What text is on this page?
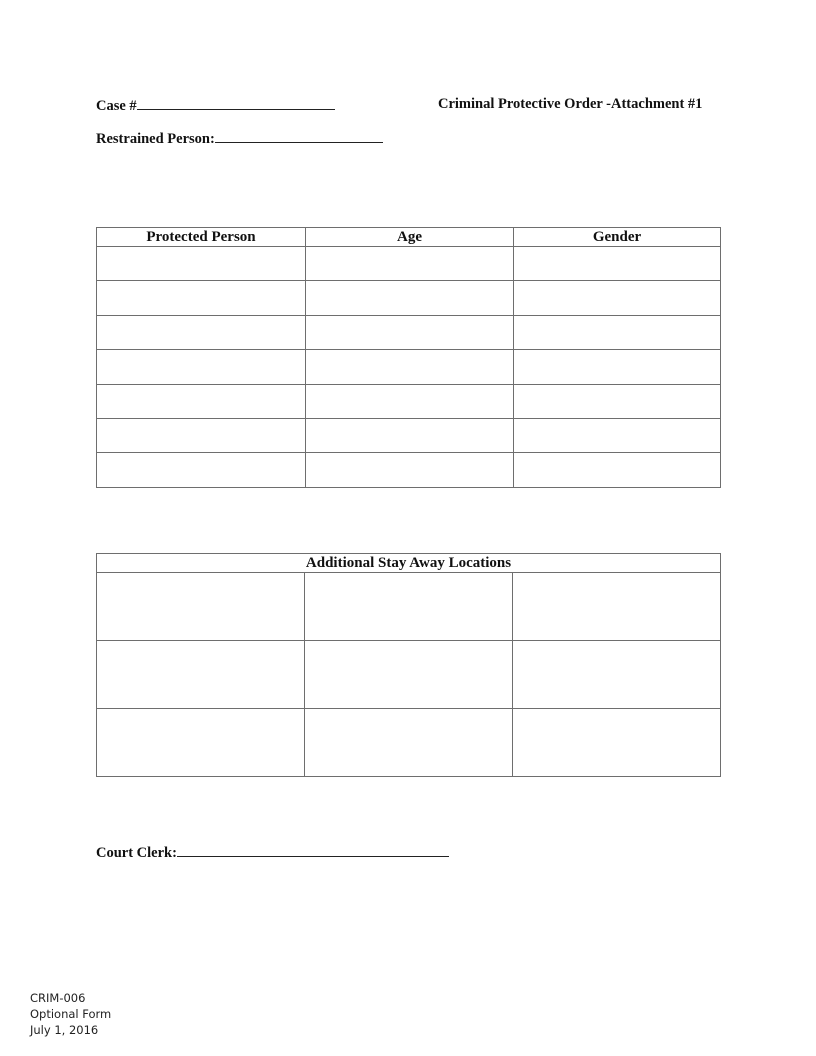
Case #	Criminal Protective Order -Attachment #1
Restrained Person:
Protected Person	Age	Gender

Additional Stay Away Locations		

Court Clerk:
CRIM-006
Optional Form
July 1, 2016
